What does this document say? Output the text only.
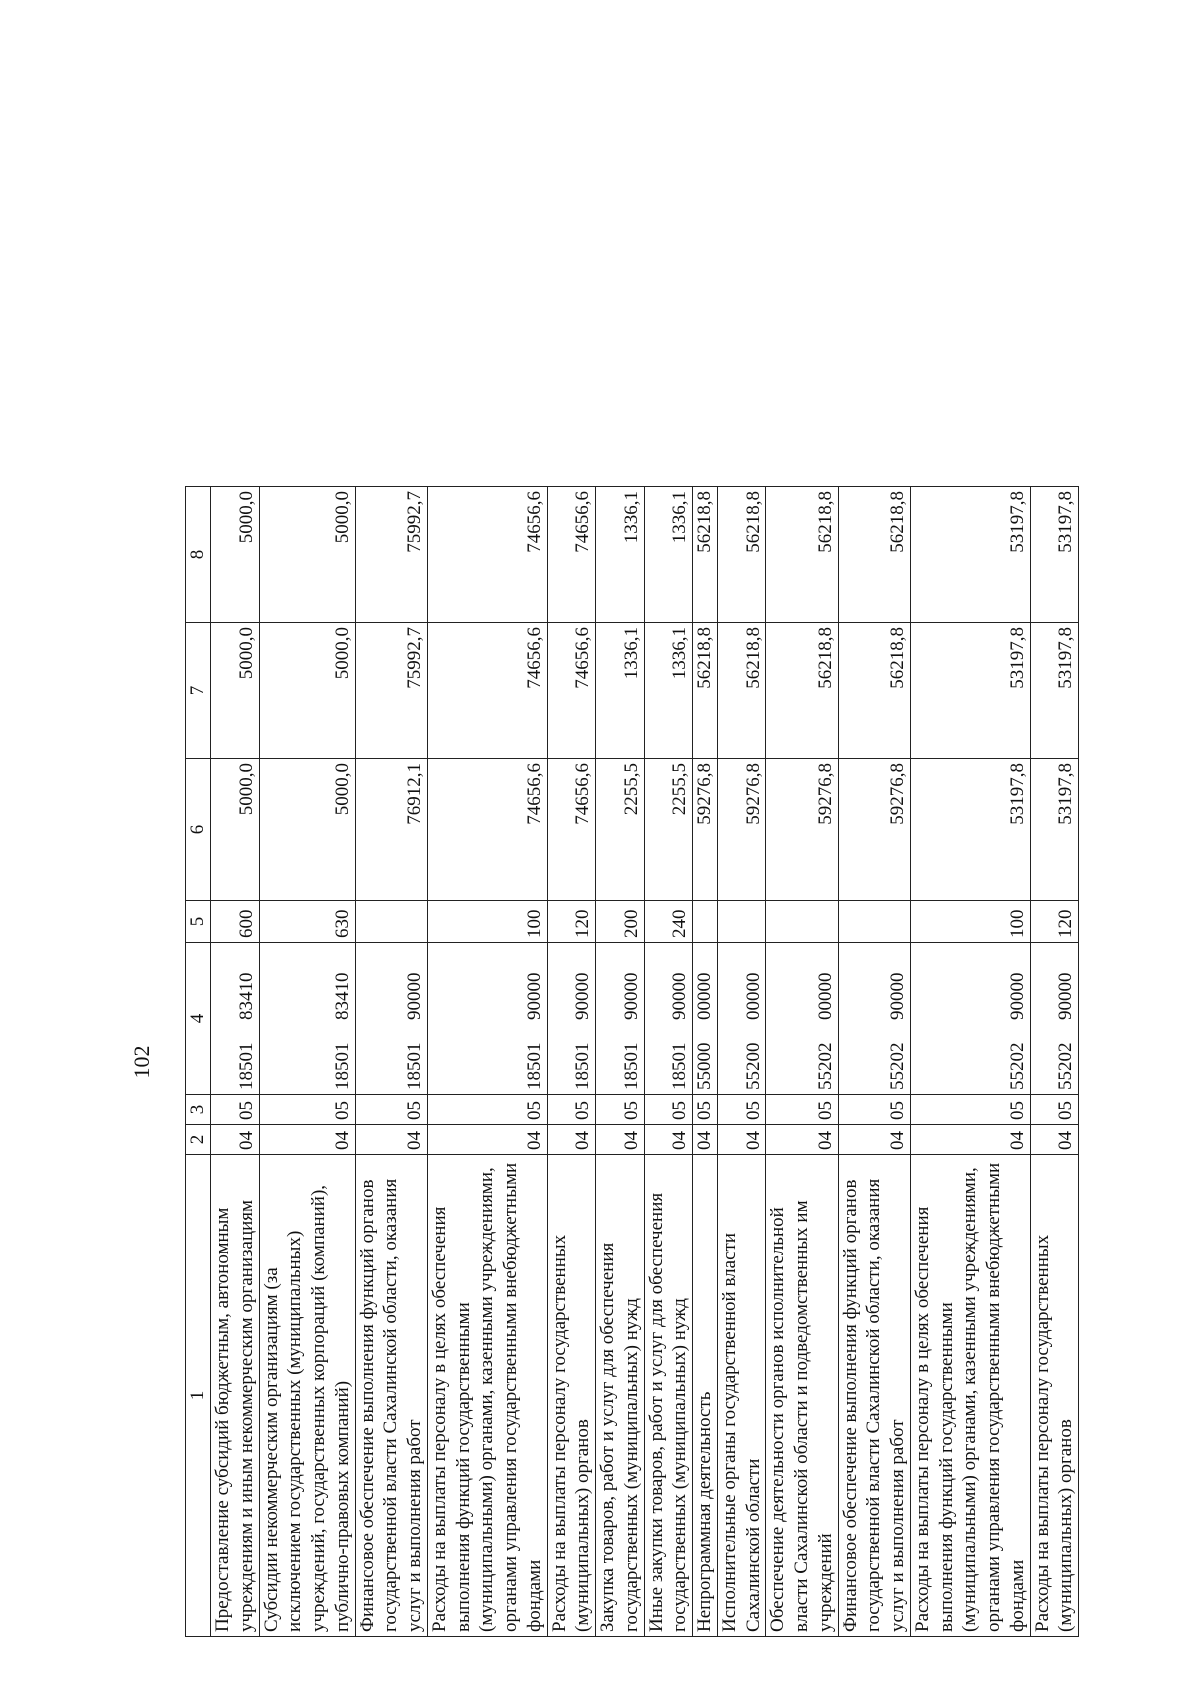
102
1	2	3	4	5	6	7	8
Предоставление субсидий бюджетным, автономным учреждениям и иным некоммерческим организациям	04	05	1850183410	600	5000,0	5000,0	5000,0
Субсидии некоммерческим организациям (за исключением государственных (муниципальных) учреждений, государственных корпораций (компаний), публично-правовых компаний)	04	05	1850183410	630	5000,0	5000,0	5000,0
Финансовое обеспечение выполнения функций органов государственной власти Сахалинской области, оказания услуг и выполнения работ	04	05	1850190000		76912,1	75992,7	75992,7
Расходы на выплаты персоналу в целях обеспечения выполнения функций государственными (муниципальными) органами, казенными учреждениями, органами управления государственными внебюджетными фондами	04	05	1850190000	100	74656,6	74656,6	74656,6
Расходы на выплаты персоналу государственных (муниципальных) органов	04	05	1850190000	120	74656,6	74656,6	74656,6
Закупка товаров, работ и услуг для обеспечения государственных (муниципальных) нужд	04	05	1850190000	200	2255,5	1336,1	1336,1
Иные закупки товаров, работ и услуг для обеспечения государственных (муниципальных) нужд	04	05	1850190000	240	2255,5	1336,1	1336,1
Непрограммная деятельность	04	05	5500000000		59276,8	56218,8	56218,8
Исполнительные органы государственной власти Сахалинской области	04	05	5520000000		59276,8	56218,8	56218,8
Обеспечение деятельности органов исполнительной власти Сахалинской области и подведомственных им учреждений	04	05	5520200000		59276,8	56218,8	56218,8
Финансовое обеспечение выполнения функций органов государственной власти Сахалинской области, оказания услуг и выполнения работ	04	05	5520290000		59276,8	56218,8	56218,8
Расходы на выплаты персоналу в целях обеспечения выполнения функций государственными (муниципальными) органами, казенными учреждениями, органами управления государственными внебюджетными фондами	04	05	5520290000	100	53197,8	53197,8	53197,8
Расходы на выплаты персоналу государственных (муниципальных) органов	04	05	5520290000	120	53197,8	53197,8	53197,8
